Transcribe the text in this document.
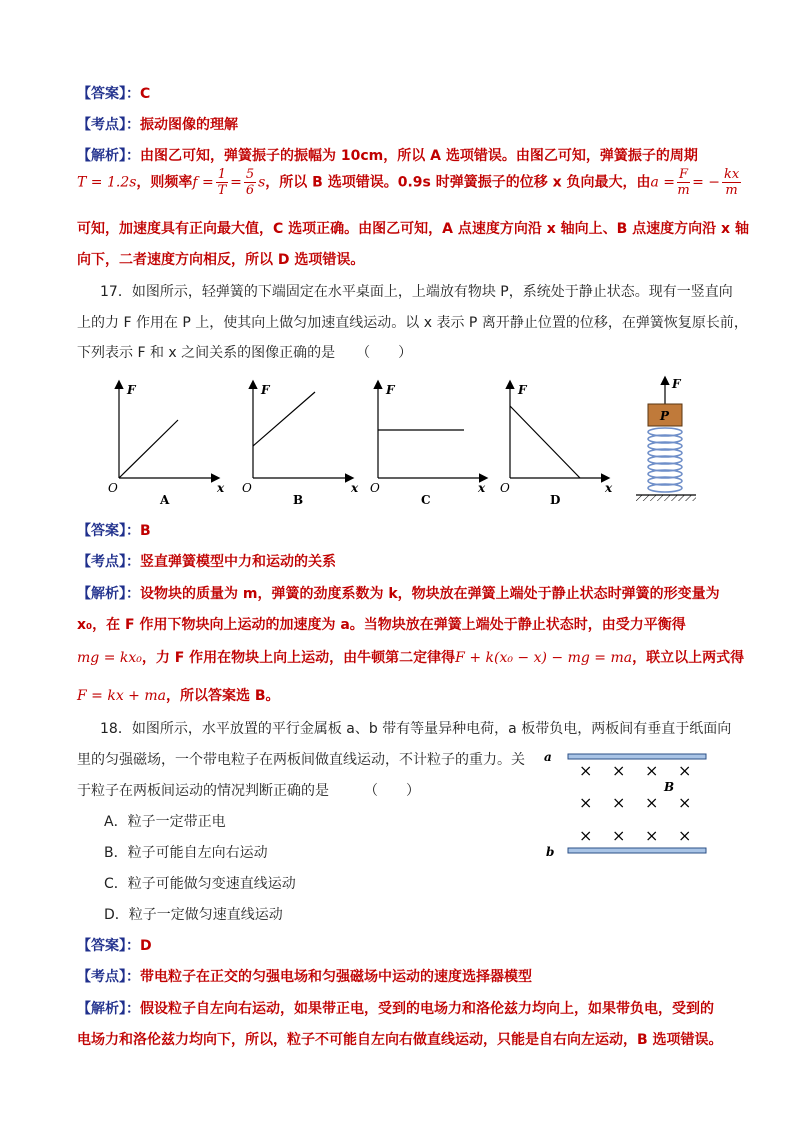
【答案】：C
【考点】：振动图像的理解
【解析】：由图乙可知，弹簧振子的振幅为 10cm，所以 A 选项错误。由图乙可知，弹簧振子的周期
T = 1.2s，则频率$f = \frac{1}{T} = \frac{5}{6}$ s，所以 B 选项错误。0.9s 时弹簧振子的位移 x 负向最大，由$a = \frac{F}{m}$ = − $\frac{kx}{m}$
可知，加速度具有正向最大值，C 选项正确。由图乙可知，A 点速度方向沿 x 轴向上、B 点速度方向沿 x 轴
向下，二者速度方向相反，所以 D 选项错误。
17．如图所示，轻弹簧的下端固定在水平桌面上，上端放有物块 P，系统处于静止状态。现有一竖直向
上的力 F 作用在 P 上，使其向上做匀加速直线运动。以 x 表示 P 离开静止位置的位移，在弹簧恢复原长前，
下列表示 F 和 x 之间关系的图像正确的是　　（　　）
F
O	x
A
F
O	x
B
F
O	x
C
F
O	x
D
F
P
【答案】：B
【考点】：竖直弹簧模型中力和运动的关系
【解析】：设物块的质量为 m，弹簧的劲度系数为 k，物块放在弹簧上端处于静止状态时弹簧的形变量为
x₀，在 F 作用下物块向上运动的加速度为 a。当物块放在弹簧上端处于静止状态时，由受力平衡得
mg = kx₀，力 F 作用在物块上向上运动，由牛顿第二定律得F + k(x₀ − x) − mg = ma，联立以上两式得
F = kx + ma，所以答案选 B。
18．如图所示，水平放置的平行金属板 a、b 带有等量异种电荷，a 板带负电，两板间有垂直于纸面向
里的匀强磁场，一个带电粒子在两板间做直线运动，不计粒子的重力。关
于粒子在两板间运动的情况判断正确的是　　　（　　）
A．粒子一定带正电
B．粒子可能自左向右运动
C．粒子可能做匀变速直线运动
D．粒子一定做匀速直线运动
a
b
B
× × × ×
× × × ×
× × × ×
【答案】：D
【考点】：带电粒子在正交的匀强电场和匀强磁场中运动的速度选择器模型
【解析】：假设粒子自左向右运动，如果带正电，受到的电场力和洛伦兹力均向上，如果带负电，受到的
电场力和洛伦兹力均向下，所以，粒子不可能自左向右做直线运动，只能是自右向左运动，B 选项错误。
